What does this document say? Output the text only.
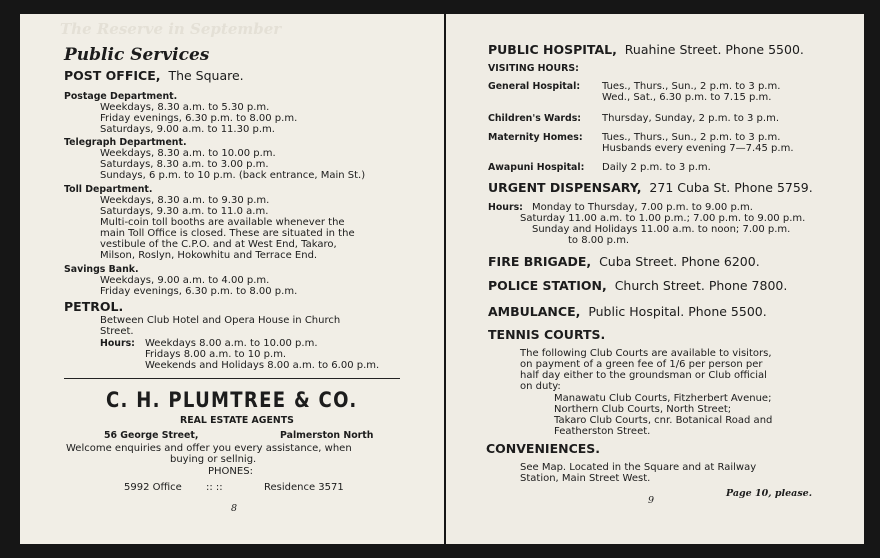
The Reserve in September
Public Services
POST OFFICE, The Square.
Postage Department.
Weekdays, 8.30 a.m. to 5.30 p.m.
Friday evenings, 6.30 p.m. to 8.00 p.m.
Saturdays, 9.00 a.m. to 11.30 p.m.
Telegraph Department.
Weekdays, 8.30 a.m. to 10.00 p.m.
Saturdays, 8.30 a.m. to 3.00 p.m.
Sundays, 6 p.m. to 10 p.m. (back entrance, Main St.)
Toll Department.
Weekdays, 8.30 a.m. to 9.30 p.m.
Saturdays, 9.30 a.m. to 11.0 a.m.
Multi-coin toll booths are available whenever the
main Toll Office is closed. These are situated in the
vestibule of the C.P.O. and at West End, Takaro,
Milson, Roslyn, Hokowhitu and Terrace End.
Savings Bank.
Weekdays, 9.00 a.m. to 4.00 p.m.
Friday evenings, 6.30 p.m. to 8.00 p.m.
PETROL.
Between Club Hotel and Opera House in Church
Street.
Hours: Weekdays 8.00 a.m. to 10.00 p.m.
Fridays 8.00 a.m. to 10 p.m.
Weekends and Holidays 8.00 a.m. to 6.00 p.m.
C. H. PLUMTREE & CO.
REAL ESTATE AGENTS
56 George Street,	Palmerston North
Welcome enquiries and offer you every assistance, when
buying or sellnig.
PHONES:
5992 Office :: ::	Residence 3571
8
PUBLIC HOSPITAL, Ruahine Street. Phone 5500.
VISITING HOURS:
General Hospital: Tues., Thurs., Sun., 2 p.m. to 3 p.m.
Wed., Sat., 6.30 p.m. to 7.15 p.m.
Children's Wards: Thursday, Sunday, 2 p.m. to 3 p.m.
Maternity Homes: Tues., Thurs., Sun., 2 p.m. to 3 p.m.
Husbands every evening 7—7.45 p.m.
Awapuni Hospital: Daily 2 p.m. to 3 p.m.
URGENT DISPENSARY, 271 Cuba St. Phone 5759.
Hours: Monday to Thursday, 7.00 p.m. to 9.00 p.m.
Saturday 11.00 a.m. to 1.00 p.m.; 7.00 p.m. to 9.00 p.m.
Sunday and Holidays 11.00 a.m. to noon; 7.00 p.m.
to 8.00 p.m.
FIRE BRIGADE, Cuba Street. Phone 6200.
POLICE STATION, Church Street. Phone 7800.
AMBULANCE, Public Hospital. Phone 5500.
TENNIS COURTS.
The following Club Courts are available to visitors,
on payment of a green fee of 1/6 per person per
half day either to the groundsman or Club official
on duty:
Manawatu Club Courts, Fitzherbert Avenue;
Northern Club Courts, North Street;
Takaro Club Courts, cnr. Botanical Road and
Featherston Street.
CONVENIENCES.
See Map. Located in the Square and at Railway
Station, Main Street West.
Page 10, please.
9
